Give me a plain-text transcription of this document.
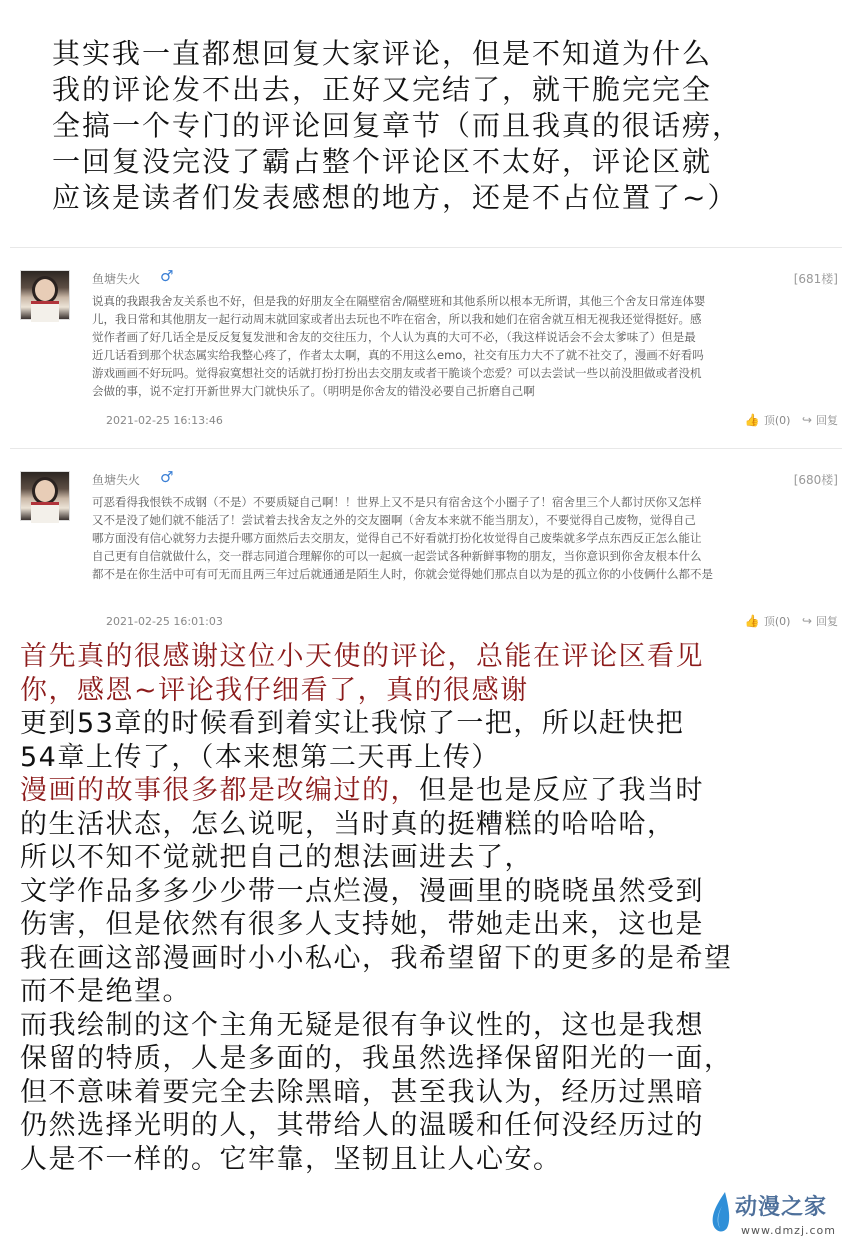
其实我一直都想回复大家评论，但是不知道为什么
我的评论发不出去，正好又完结了，就干脆完完全
全搞一个专门的评论回复章节（而且我真的很话痨，
一回复没完没了霸占整个评论区不太好，评论区就
应该是读者们发表感想的地方，还是不占位置了~）
鱼塘失火 ♂	[681楼]
说真的我跟我舍友关系也不好，但是我的好朋友全在隔壁宿舍/隔壁班和其他系所以根本无所谓，其他三个舍友日常连体婴
儿，我日常和其他朋友一起行动周末就回家或者出去玩也不咋在宿舍，所以我和她们在宿舍就互相无视我还觉得挺好。感
觉作者画了好几话全是反反复复发泄和舍友的交往压力，个人认为真的大可不必，（我这样说话会不会太爹味了）但是最
近几话看到那个状态属实给我整心疼了，作者太太啊，真的不用这么emo，社交有压力大不了就不社交了，漫画不好看吗
游戏画画不好玩吗。觉得寂寞想社交的话就打扮打扮出去交朋友或者干脆谈个恋爱？可以去尝试一些以前没胆做或者没机
会做的事，说不定打开新世界大门就快乐了。（明明是你舍友的错没必要自己折磨自己啊
2021-02-25 16:13:46	👍 顶(0) ↪ 回复
鱼塘失火 ♂	[680楼]
可恶看得我恨铁不成钢（不是）不要质疑自己啊！！世界上又不是只有宿舍这个小圈子了！宿舍里三个人都讨厌你又怎样
又不是没了她们就不能活了！尝试着去找舍友之外的交友圈啊（舍友本来就不能当朋友），不要觉得自己废物，觉得自己
哪方面没有信心就努力去提升哪方面然后去交朋友，觉得自己不好看就打扮化妆觉得自己废柴就多学点东西反正怎么能让
自己更有自信就做什么，交一群志同道合理解你的可以一起疯一起尝试各种新鲜事物的朋友，当你意识到你舍友根本什么
都不是在你生活中可有可无而且两三年过后就通通是陌生人时，你就会觉得她们那点自以为是的孤立你的小伎俩什么都不是
2021-02-25 16:01:03	👍 顶(0) ↪ 回复
首先真的很感谢这位小天使的评论，总能在评论区看见
你，感恩~评论我仔细看了，真的很感谢
更到53章的时候看到着实让我惊了一把，所以赶快把
54章上传了，（本来想第二天再上传）
漫画的故事很多都是改编过的，但是也是反应了我当时
的生活状态，怎么说呢，当时真的挺糟糕的哈哈哈，
所以不知不觉就把自己的想法画进去了，
文学作品多多少少带一点烂漫，漫画里的晓晓虽然受到
伤害，但是依然有很多人支持她，带她走出来，这也是
我在画这部漫画时小小私心，我希望留下的更多的是希望
而不是绝望。
而我绘制的这个主角无疑是很有争议性的，这也是我想
保留的特质，人是多面的，我虽然选择保留阳光的一面，
但不意味着要完全去除黑暗，甚至我认为，经历过黑暗
仍然选择光明的人，其带给人的温暖和任何没经历过的
人是不一样的。它牢靠，坚韧且让人心安。
动漫之家
www.dmzj.com
